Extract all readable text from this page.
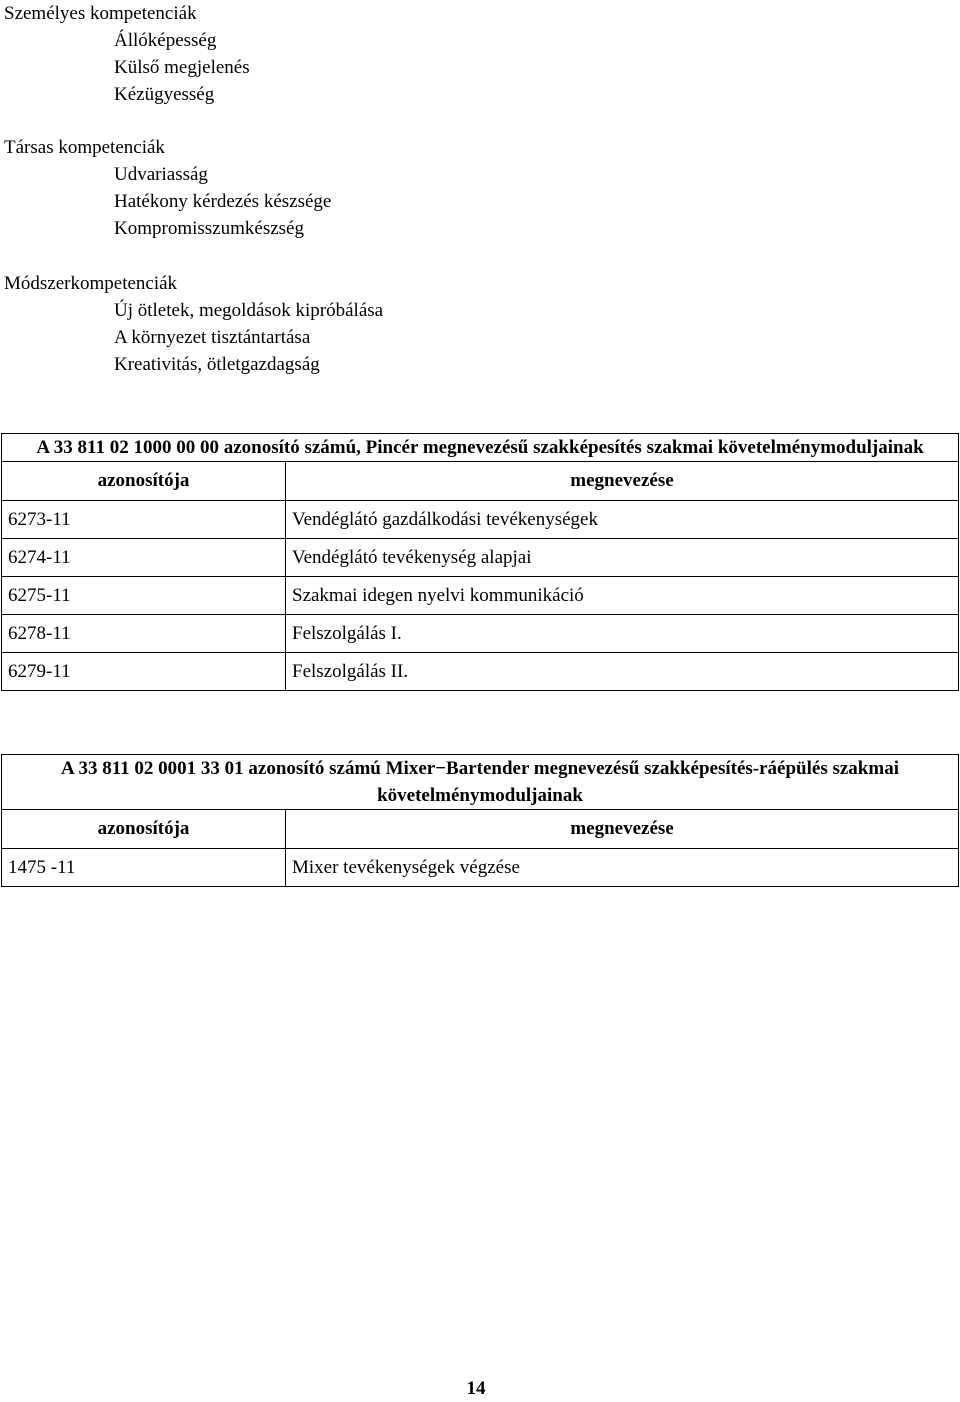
Személyes kompetenciák
Állóképesség
Külső megjelenés
Kézügyesség
Társas kompetenciák
Udvariasság
Hatékony kérdezés készsége
Kompromisszumkészség
Módszerkompetenciák
Új ötletek, megoldások kipróbálása
A környezet tisztántartása
Kreativitás, ötletgazdagság
A 33 811 02 1000 00 00 azonosító számú, Pincér megnevezésű szakképesítés szakmai követelménymoduljainak	
azonosítója	megnevezése
6273-11	Vendéglátó gazdálkodási tevékenységek
6274-11	Vendéglátó tevékenység alapjai
6275-11	Szakmai idegen nyelvi kommunikáció
6278-11	Felszolgálás I.
6279-11	Felszolgálás II.
A 33 811 02 0001 33 01 azonosító számú Mixer−Bartender megnevezésű szakképesítés-ráépülés szakmai követelménymoduljainak	
azonosítója	megnevezése
1475 -11	Mixer tevékenységek végzése
14
